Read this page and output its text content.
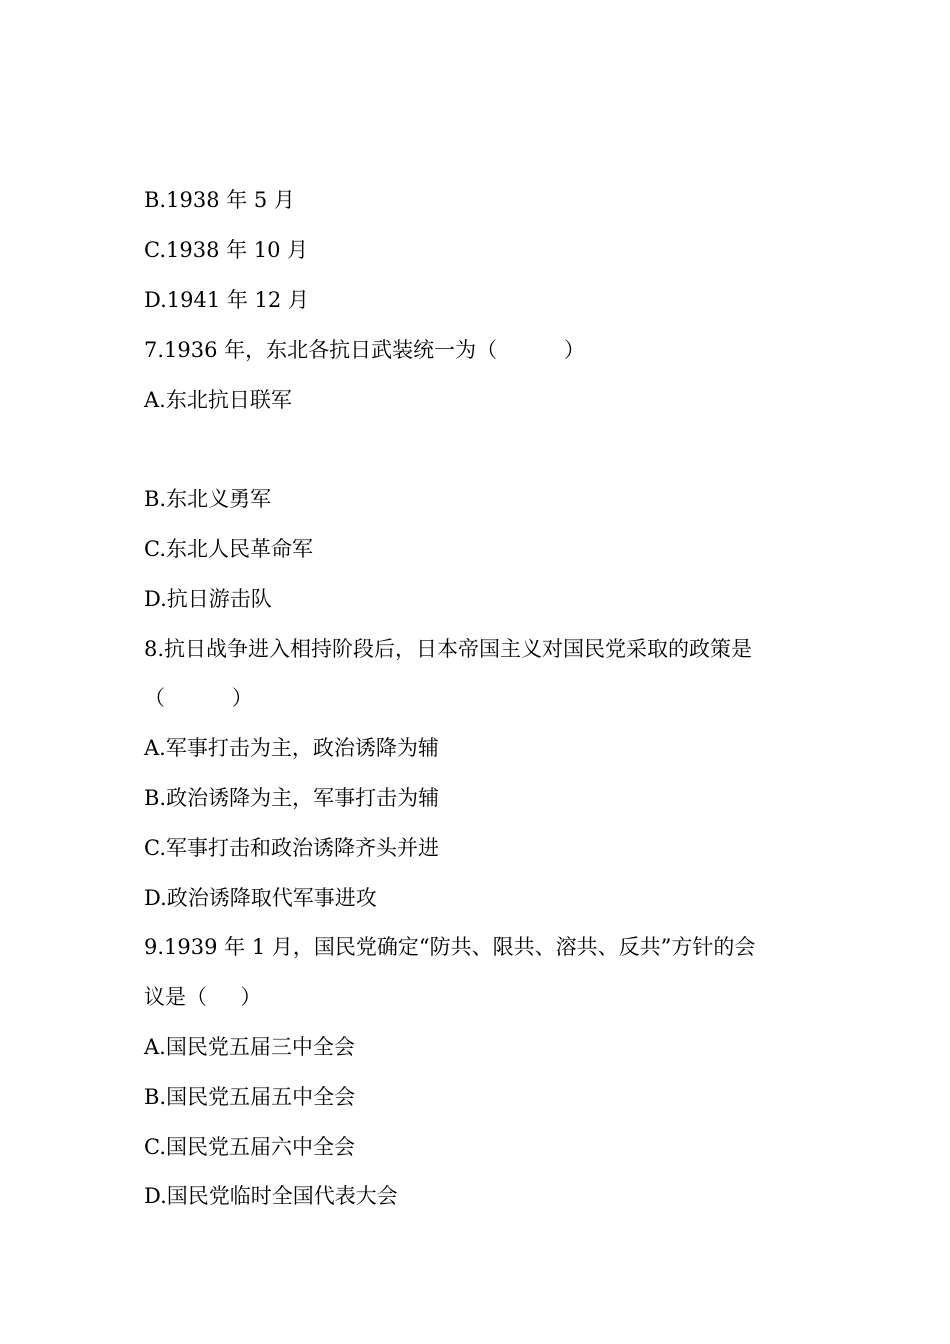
B.1938 年 5 月

C.1938 年 10 月

D.1941 年 12 月

7.1936 年，东北各抗日武装统一为（          ）

A.东北抗日联军

B.东北义勇军

C.东北人民革命军

D.抗日游击队

8.抗日战争进入相持阶段后，日本帝国主义对国民党采取的政策是

（          ）

A.军事打击为主，政治诱降为辅

B.政治诱降为主，军事打击为辅

C.军事打击和政治诱降齐头并进

D.政治诱降取代军事进攻

9.1939 年 1 月，国民党确定“防共、限共、溶共、反共”方针的会

议是（     ）

A.国民党五届三中全会

B.国民党五届五中全会

C.国民党五届六中全会

D.国民党临时全国代表大会
